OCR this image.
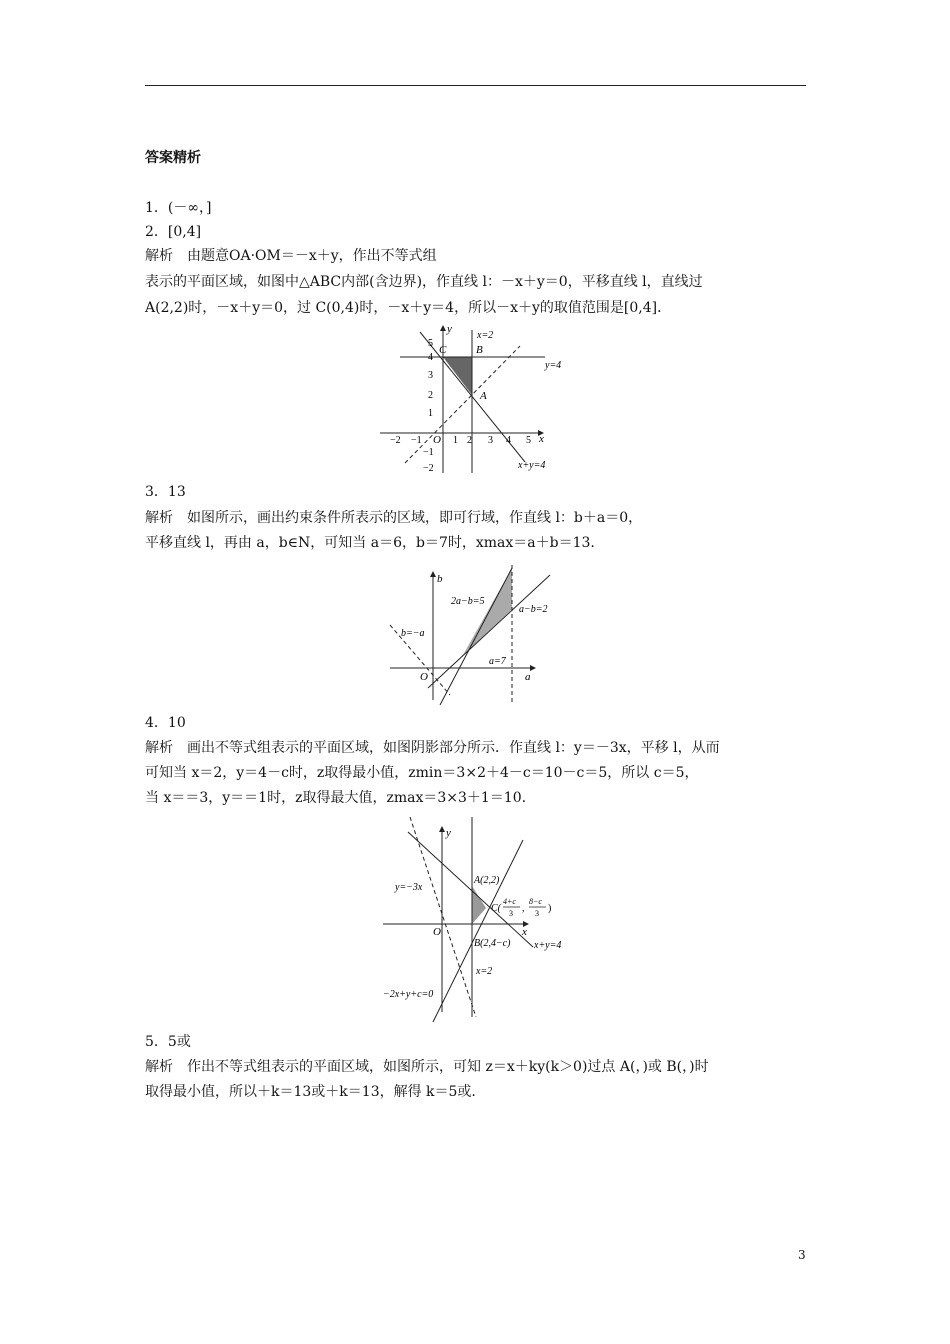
答案精析
1．(－∞，]
2．[0,4]
解析　由题意OA·OM＝－x＋y，作出不等式组
表示的平面区域，如图中△ABC内部(含边界)，作直线 l：－x＋y＝0，平移直线 l，直线过
A(2,2)时，－x＋y＝0，过 C(0,4)时，－x＋y＝4，所以－x＋y的取值范围是[0,4]．
y
x
O
x=2
y=4
x+y=4
C	B
A
5
4
3
2
1
−1
−2
−2 −1	1 2 3 4 5
3．13
解析　如图所示，画出约束条件所表示的区域，即可行域，作直线 l：b＋a＝0，
平移直线 l，再由 a，b∈N，可知当 a＝6，b＝7时，xmax＝a＋b＝13.
b
a
O
2a−b=5
a−b=2
b=−a
a=7
4．10
解析　画出不等式组表示的平面区域，如图阴影部分所示．作直线 l：y＝－3x，平移 l，从而
可知当 x＝2，y＝4－c时，z取得最小值，zmin＝3×2＋4－c＝10－c＝5，所以 c＝5，
当 x＝＝3，y＝＝1时，z取得最大值，zmax＝3×3＋1＝10.
y
x
O
y=−3x
A(2,2)
C(
4+c
3 ,
8−c
3 )
B(2,4−c) x+y=4
x=2
−2x+y+c=0
5．5或
解析　作出不等式组表示的平面区域，如图所示，可知 z＝x＋ky(k＞0)过点 A(，)或 B(，)时
取得最小值，所以＋k＝13或＋k＝13，解得 k＝5或.
3
